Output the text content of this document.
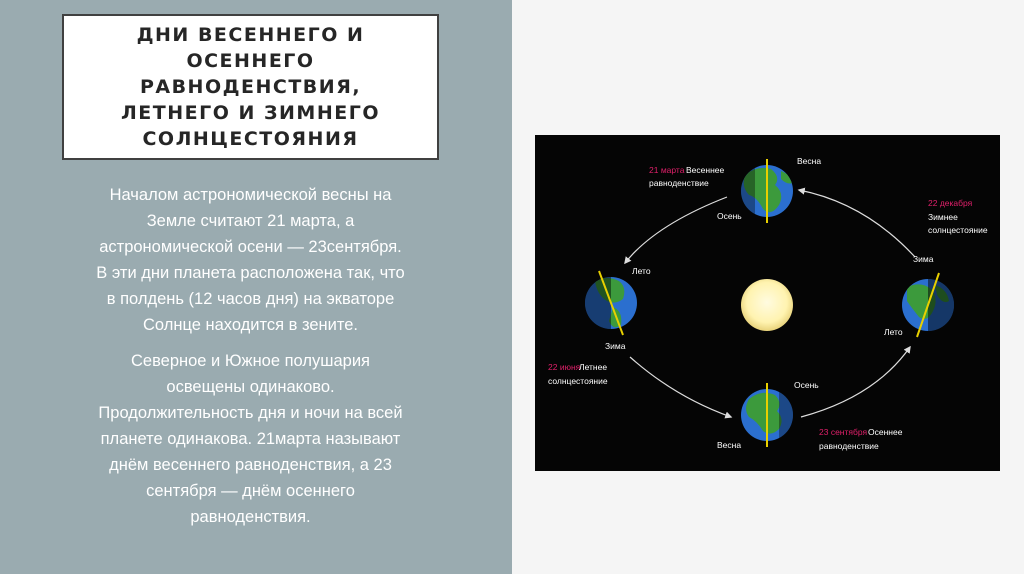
ДНИ ВЕСЕННЕГО И
ОСЕННЕГО
РАВНОДЕНСТВИЯ,
ЛЕТНЕГО И ЗИМНЕГО
СОЛНЦЕСТОЯНИЯ

Началом астрономической весны на
Земле считают 21 марта, а
астрономической осени — 23сентября.
В эти дни планета расположена так, что
в полдень (12 часов дня) на экваторе
Солнце находится в зените.

Северное и Южное полушария
освещены одинаково.
Продолжительность дня и ночи на всей
планете одинакова. 21марта называют
днём весеннего равноденствия, а 23
сентября — днём осеннего
равноденствия.

21 марта Весеннее
равноденствие
Весна
Осень
22 декабря
Зимнее
солнцестояние
Зима
Лето
Лето
Зима
22 июня
Летнее
солнцестояние	Осень
Весна
23 сентября Осеннее
равноденствие
